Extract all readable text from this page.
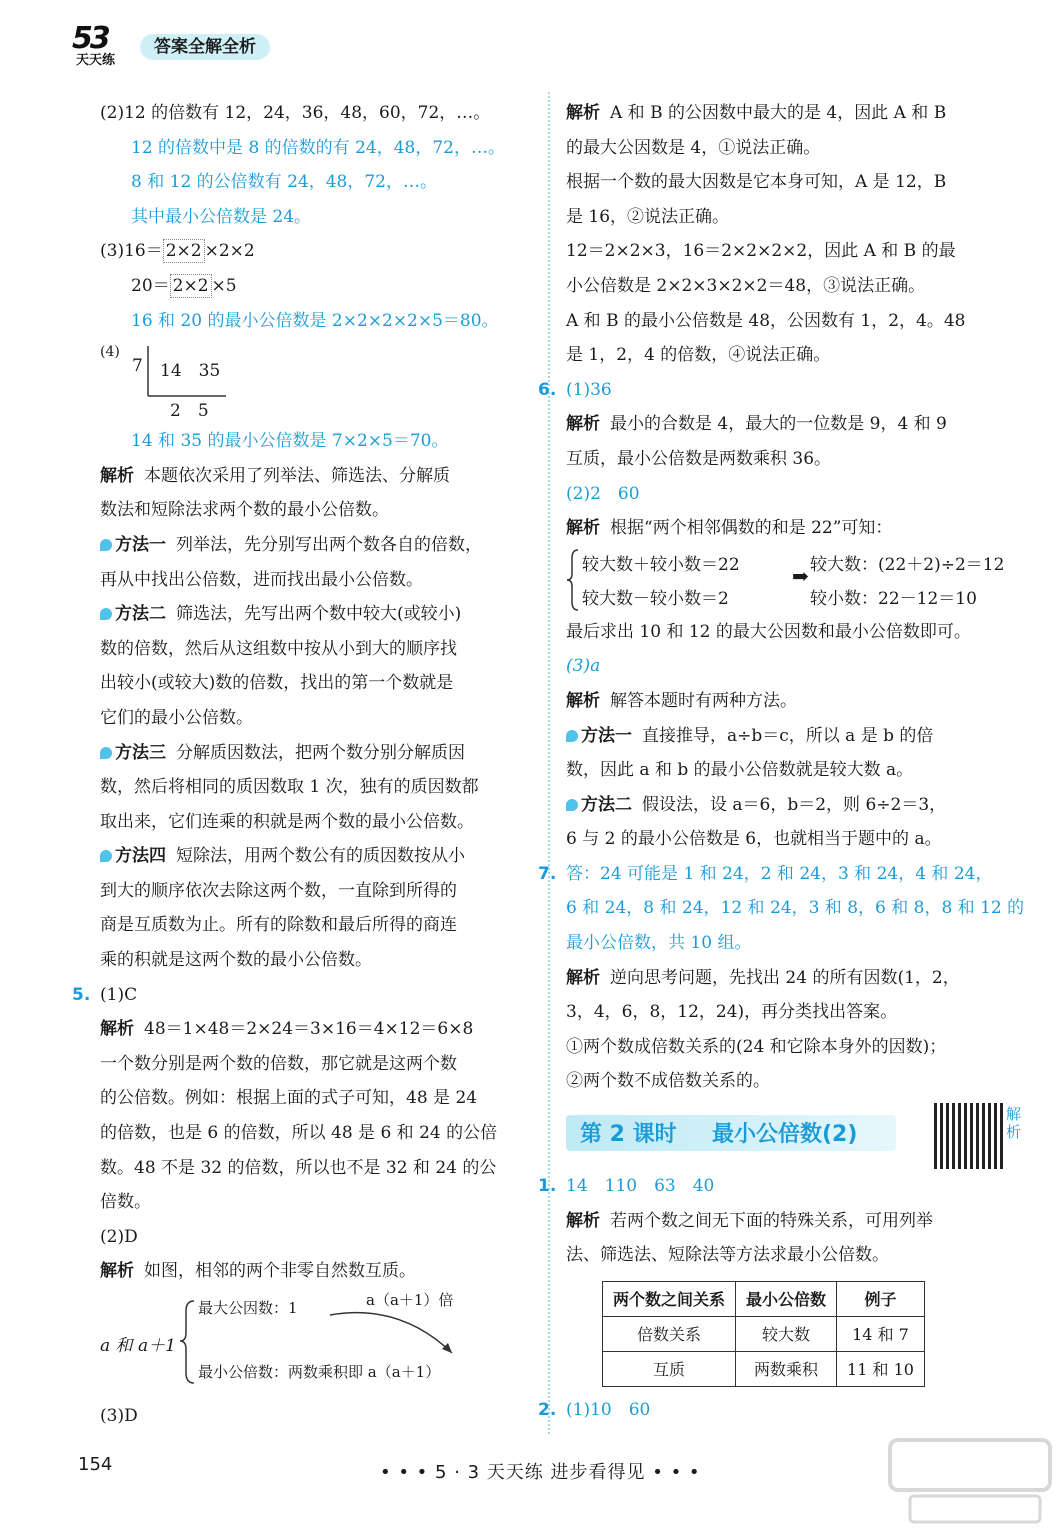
53
天天练
答案全解全析
(2)12 的倍数有 12，24，36，48，60，72，…。
12 的倍数中是 8 的倍数的有 24，48，72，…。
8 和 12 的公倍数有 24，48，72，…。
其中最小公倍数是 24。
(3)16＝ 2×2 ×2×2
20＝ 2×2 ×5
16 和 20 的最小公倍数是 2×2×2×2×5＝80。
(4)
7 14　35
2　5
14 和 35 的最小公倍数是 7×2×5＝70。
解析 本题依次采用了列举法、筛选法、分解质
数法和短除法求两个数的最小公倍数。
方法一 列举法，先分别写出两个数各自的倍数，
再从中找出公倍数，进而找出最小公倍数。
方法二 筛选法，先写出两个数中较大(或较小)
数的倍数，然后从这组数中按从小到大的顺序找
出较小(或较大)数的倍数，找出的第一个数就是
它们的最小公倍数。
方法三 分解质因数法，把两个数分别分解质因
数，然后将相同的质因数取 1 次，独有的质因数都
取出来，它们连乘的积就是两个数的最小公倍数。
方法四 短除法，用两个数公有的质因数按从小
到大的顺序依次去除这两个数，一直除到所得的
商是互质数为止。所有的除数和最后所得的商连
乘的积就是这两个数的最小公倍数。
5. (1)C
解析 48＝1×48＝2×24＝3×16＝4×12＝6×8
一个数分别是两个数的倍数，那它就是这两个数
的公倍数。例如：根据上面的式子可知，48 是 24
的倍数，也是 6 的倍数，所以 48 是 6 和 24 的公倍
数。48 不是 32 的倍数，所以也不是 32 和 24 的公
倍数。
(2)D
解析 如图，相邻的两个非零自然数互质。
a 和 a＋1
最大公因数：1	a（a＋1）倍
最小公倍数：两数乘积即 a（a＋1）
(3)D
解析 A 和 B 的公因数中最大的是 4，因此 A 和 B
的最大公因数是 4，①说法正确。
根据一个数的最大因数是它本身可知，A 是 12，B
是 16，②说法正确。
12＝2×2×3，16＝2×2×2×2，因此 A 和 B 的最
小公倍数是 2×2×3×2×2＝48，③说法正确。
A 和 B 的最小公倍数是 48，公因数有 1，2，4。48
是 1，2，4 的倍数，④说法正确。
6. (1)36
解析 最小的合数是 4，最大的一位数是 9，4 和 9
互质，最小公倍数是两数乘积 36。
(2)2　60
解析 根据“两个相邻偶数的和是 22”可知：
较大数＋较小数＝22
较大数－较小数＝2
➡ 较大数：(22＋2)÷2＝12
较小数：22－12＝10
最后求出 10 和 12 的最大公因数和最小公倍数即可。
(3)a
解析 解答本题时有两种方法。
方法一 直接推导，a÷b＝c，所以 a 是 b 的倍
数，因此 a 和 b 的最小公倍数就是较大数 a。
方法二 假设法，设 a＝6，b＝2，则 6÷2＝3，
6 与 2 的最小公倍数是 6，也就相当于题中的 a。
7. 答：24 可能是 1 和 24，2 和 24，3 和 24，4 和 24，
6 和 24，8 和 24，12 和 24，3 和 8，6 和 8，8 和 12 的
最小公倍数，共 10 组。
解析 逆向思考问题，先找出 24 的所有因数(1，2，
3，4，6，8，12，24)，再分类找出答案。
①两个数成倍数关系的(24 和它除本身外的因数)；
②两个数不成倍数关系的。
第 2 课时 最小公倍数(2)
解析
1. 14　110　63　40
解析 若两个数之间无下面的特殊关系，可用列举
法、筛选法、短除法等方法求最小公倍数。
两个数之间关系	最小公倍数	例子
倍数关系	较大数	14 和 7
互质	两数乘积	11 和 10
2. (1)10　60
154	• • • 5 · 3 天天练 进步看得见 • • •
